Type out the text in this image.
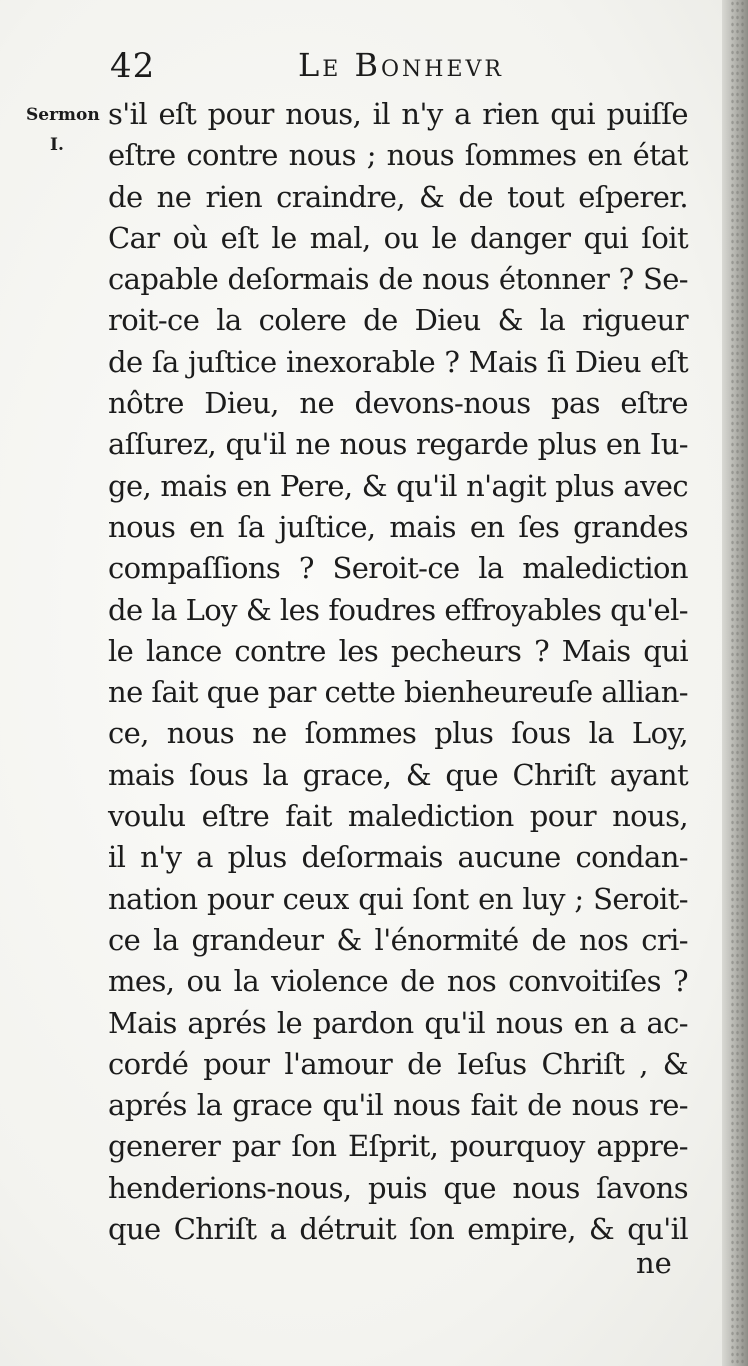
42	Le Bonhevr
Sermon
I.
s'il eſt pour nous, il n'y a rien qui puiſſe
eſtre contre nous ; nous ſommes en état
de ne rien craindre, & de tout eſperer.
Car où eſt le mal, ou le danger qui ſoit
capable deſormais de nous étonner ? Se-
roit-ce la colere de Dieu & la rigueur
de ſa juſtice inexorable ? Mais ſi Dieu eſt
nôtre Dieu, ne devons-nous pas eſtre
aſſurez, qu'il ne nous regarde plus en Iu-
ge, mais en Pere, & qu'il n'agit plus avec
nous en ſa juſtice, mais en ſes grandes
compaſſions ? Seroit-ce la malediction
de la Loy & les foudres effroyables qu'el-
le lance contre les pecheurs ? Mais qui
ne ſait que par cette bienheureuſe allian-
ce, nous ne ſommes plus ſous la Loy,
mais ſous la grace, & que Chriſt ayant
voulu eſtre fait malediction pour nous,
il n'y a plus deſormais aucune condan-
nation pour ceux qui ſont en luy ; Seroit-
ce la grandeur & l'énormité de nos cri-
mes, ou la violence de nos convoitiſes ?
Mais aprés le pardon qu'il nous en a ac-
cordé pour l'amour de Ieſus Chriſt , &
aprés la grace qu'il nous fait de nous re-
generer par ſon Eſprit, pourquoy appre-
henderions-nous, puis que nous ſavons
que Chriſt a détruit ſon empire, & qu'il
ne
